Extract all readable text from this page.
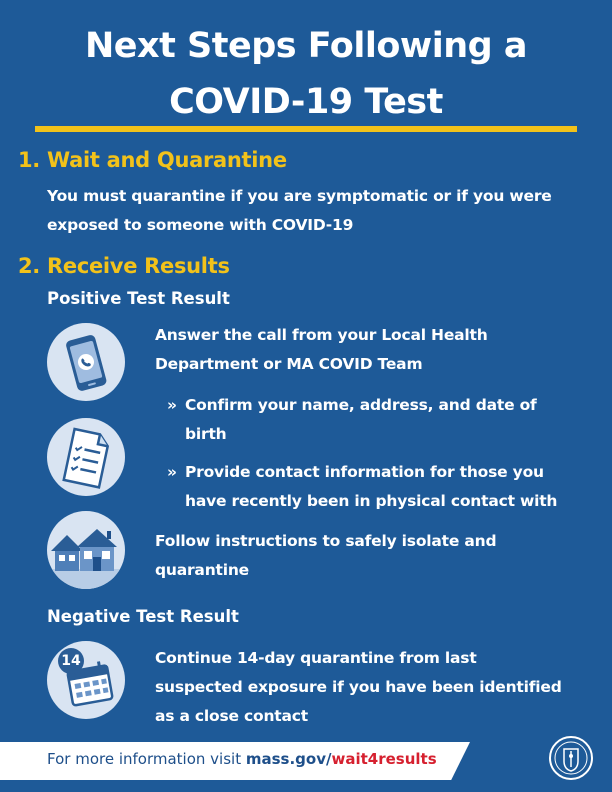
Next Steps Following a
COVID-19 Test
1. Wait and Quarantine
You must quarantine if you are symptomatic or if you were
exposed to someone with COVID-19
2. Receive Results
Positive Test Result
Answer the call from your Local Health
Department or MA COVID Team
» Confirm your name, address, and date of
birth
» Provide contact information for those you
have recently been in physical contact with
Follow instructions to safely isolate and
quarantine
Negative Test Result
14	Continue 14-day quarantine from last
suspected exposure if you have been identified
as a close contact
For more information visit mass.gov/wait4results
